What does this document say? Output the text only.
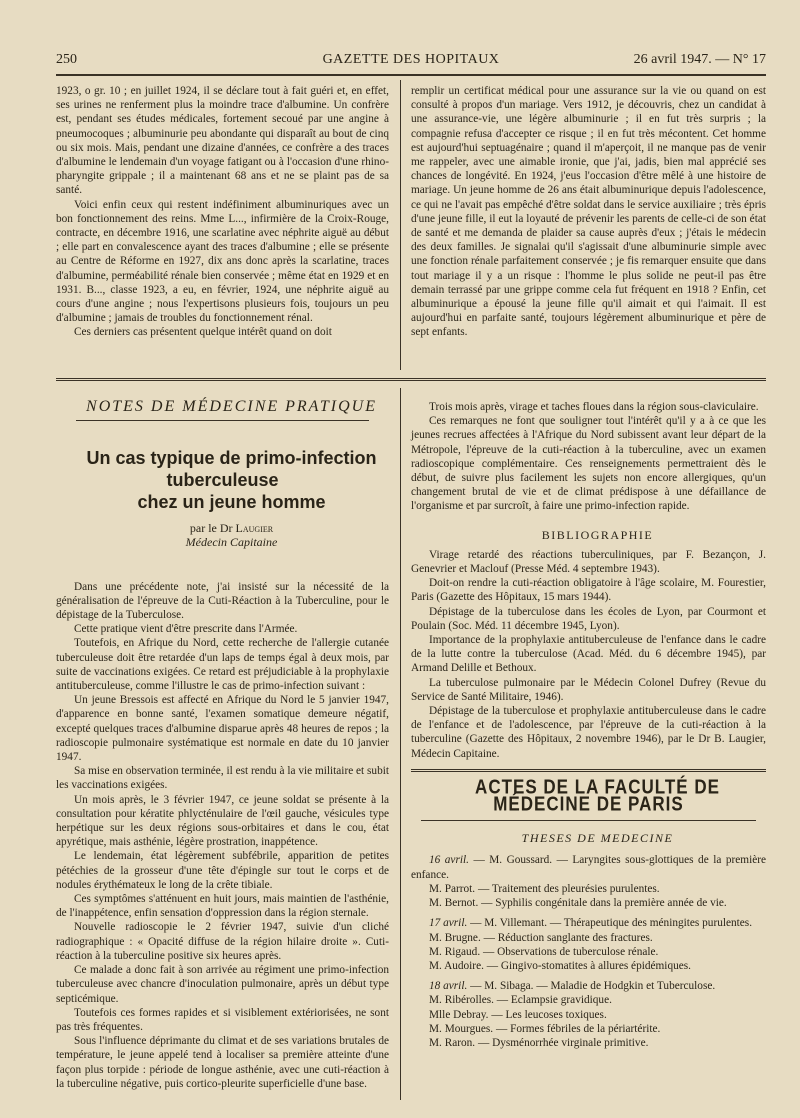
250	GAZETTE DES HOPITAUX	26 avril 1947. — N° 17

1923, o gr. 10 ; en juillet 1924, il se déclare tout à fait guéri et, en effet, ses urines ne renferment plus la moindre trace d'albumine. Un confrère est, pendant ses études médicales, fortement secoué par une angine à pneumocoques ; albuminurie peu abondante qui disparaît au bout de cinq ou six mois. Mais, pendant une dizaine d'années, ce confrère a des traces d'albumine le lendemain d'un voyage fatigant ou à l'occasion d'une rhino-pharyngite grippale ; il a maintenant 68 ans et ne se plaint pas de sa santé.

Voici enfin ceux qui restent indéfiniment albuminuriques avec un bon fonctionnement des reins. Mme L..., infirmière de la Croix-Rouge, contracte, en décembre 1916, une scarlatine avec néphrite aiguë au début ; elle part en convalescence ayant des traces d'albumine ; elle se présente au Centre de Réforme en 1927, dix ans donc après la scarlatine, traces d'albumine, perméabilité rénale bien conservée ; même état en 1929 et en 1931. B..., classe 1923, a eu, en février, 1924, une néphrite aiguë au cours d'une angine ; nous l'expertisons plusieurs fois, toujours un peu d'albumine ; jamais de troubles du fonctionnement rénal.

Ces derniers cas présentent quelque intérêt quand on doit

remplir un certificat médical pour une assurance sur la vie ou quand on est consulté à propos d'un mariage. Vers 1912, je découvris, chez un candidat à une assurance-vie, une légère albuminurie ; il en fut très surpris ; la compagnie refusa d'accepter ce risque ; il en fut très mécontent. Cet homme est aujourd'hui septuagénaire ; quand il m'aperçoit, il ne manque pas de venir me rappeler, avec une aimable ironie, que j'ai, jadis, bien mal apprécié ses chances de longévité. En 1924, j'eus l'occasion d'être mêlé à une histoire de mariage. Un jeune homme de 26 ans était albuminurique depuis l'adolescence, ce qui ne l'avait pas empêché d'être soldat dans le service auxiliaire ; très épris d'une jeune fille, il eut la loyauté de prévenir les parents de celle-ci de son état de santé et me demanda de plaider sa cause auprès d'eux ; j'étais le médecin des deux familles. Je signalai qu'il s'agissait d'une albuminurie simple avec une fonction rénale parfaitement conservée ; je fis remarquer ensuite que dans tout mariage il y a un risque : l'homme le plus solide ne peut-il pas être demain terrassé par une grippe comme cela fut fréquent en 1918 ? Enfin, cet albuminurique a épousé la jeune fille qu'il aimait et qui l'aimait. Il est aujourd'hui en parfaite santé, toujours légèrement albuminurique et père de sept enfants.

NOTES DE MÉDECINE PRATIQUE

Un cas typique de primo-infection tuberculeuse

chez un jeune homme

par le Dr Laugier

Médecin Capitaine

Dans une précédente note, j'ai insisté sur la nécessité de la généralisation de l'épreuve de la Cuti-Réaction à la Tuberculine, pour le dépistage de la Tuberculose.

Cette pratique vient d'être prescrite dans l'Armée.

Toutefois, en Afrique du Nord, cette recherche de l'allergie cutanée tuberculeuse doit être retardée d'un laps de temps égal à deux mois, par suite de vaccinations exigées. Ce retard est préjudiciable à la prophylaxie antituberculeuse, comme l'illustre le cas de primo-infection suivant :

Un jeune Bressois est affecté en Afrique du Nord le 5 janvier 1947, d'apparence en bonne santé, l'examen somatique demeure négatif, excepté quelques traces d'albumine disparue après 48 heures de repos ; la radioscopie pulmonaire systématique est normale en date du 10 janvier 1947.

Sa mise en observation terminée, il est rendu à la vie militaire et subit les vaccinations exigées.

Un mois après, le 3 février 1947, ce jeune soldat se présente à la consultation pour kératite phlycténulaire de l'œil gauche, vésicules type herpétique sur les deux régions sous-orbitaires et dans le cou, état apyrétique, mais asthénie, légère prostration, inappétence.

Le lendemain, état légèrement subfébrile, apparition de petites pétéchies de la grosseur d'une tête d'épingle sur tout le corps et de nodules érythémateux le long de la crête tibiale.

Ces symptômes s'atténuent en huit jours, mais maintien de l'asthénie, de l'inappétence, enfin sensation d'oppression dans la région sternale.

Nouvelle radioscopie le 2 février 1947, suivie d'un cliché radiographique : « Opacité diffuse de la région hilaire droite ». Cuti-réaction à la tuberculine positive six heures après.

Ce malade a donc fait à son arrivée au régiment une primo-infection tuberculeuse avec chancre d'inoculation pulmonaire, après un début type septicémique.

Toutefois ces formes rapides et si visiblement extériorisées, ne sont pas très fréquentes.

Sous l'influence déprimante du climat et de ses variations brutales de température, le jeune appelé tend à localiser sa première atteinte d'une façon plus torpide : période de longue asthénie, avec une cuti-réaction à la tuberculine négative, puis cortico-pleurite superficielle d'une base.

Trois mois après, virage et taches floues dans la région sous-claviculaire.

Ces remarques ne font que souligner tout l'intérêt qu'il y a à ce que les jeunes recrues affectées à l'Afrique du Nord subissent avant leur départ de la Métropole, l'épreuve de la cuti-réaction à la tuberculine, avec un examen radioscopique complémentaire. Ces renseignements permettraient dès le début, de suivre plus facilement les sujets non encore allergiques, qu'un changement brutal de vie et de climat prédispose à une défaillance de l'organisme et par surcroît, à faire une primo-infection rapide.

BIBLIOGRAPHIE

Virage retardé des réactions tuberculiniques, par F. Bezançon, J. Genevrier et Maclouf (Presse Méd. 4 septembre 1943).

Doit-on rendre la cuti-réaction obligatoire à l'âge scolaire, M. Fourestier, Paris (Gazette des Hôpitaux, 15 mars 1944).

Dépistage de la tuberculose dans les écoles de Lyon, par Courmont et Poulain (Soc. Méd. 11 décembre 1945, Lyon).

Importance de la prophylaxie antituberculeuse de l'enfance dans le cadre de la lutte contre la tuberculose (Acad. Méd. du 6 décembre 1945), par Armand Delille et Bethoux.

La tuberculose pulmonaire par le Médecin Colonel Dufrey (Revue du Service de Santé Militaire, 1946).

Dépistage de la tuberculose et prophylaxie antituberculeuse dans le cadre de l'enfance et de l'adolescence, par l'épreuve de la cuti-réaction à la tuberculine (Gazette des Hôpitaux, 2 novembre 1946), par le Dr B. Laugier, Médecin Capitaine.

ACTES DE LA FACULTÉ DE MÉDECINE DE PARIS

THESES DE MEDECINE

16 avril. — M. Goussard. — Laryngites sous-glottiques de la première enfance.

M. Parrot. — Traitement des pleurésies purulentes.

M. Bernot. — Syphilis congénitale dans la première année de vie.

17 avril. — M. Villemant. — Thérapeutique des méningites purulentes.

M. Brugne. — Réduction sanglante des fractures.

M. Rigaud. — Observations de tuberculose rénale.

M. Audoire. — Gingivo-stomatites à allures épidémiques.

18 avril. — M. Sibaga. — Maladie de Hodgkin et Tuberculose.

M. Ribérolles. — Eclampsie gravidique.

Mlle Debray. — Les leucoses toxiques.

M. Mourgues. — Formes fébriles de la périartérite.

M. Raron. — Dysménorrhée virginale primitive.
